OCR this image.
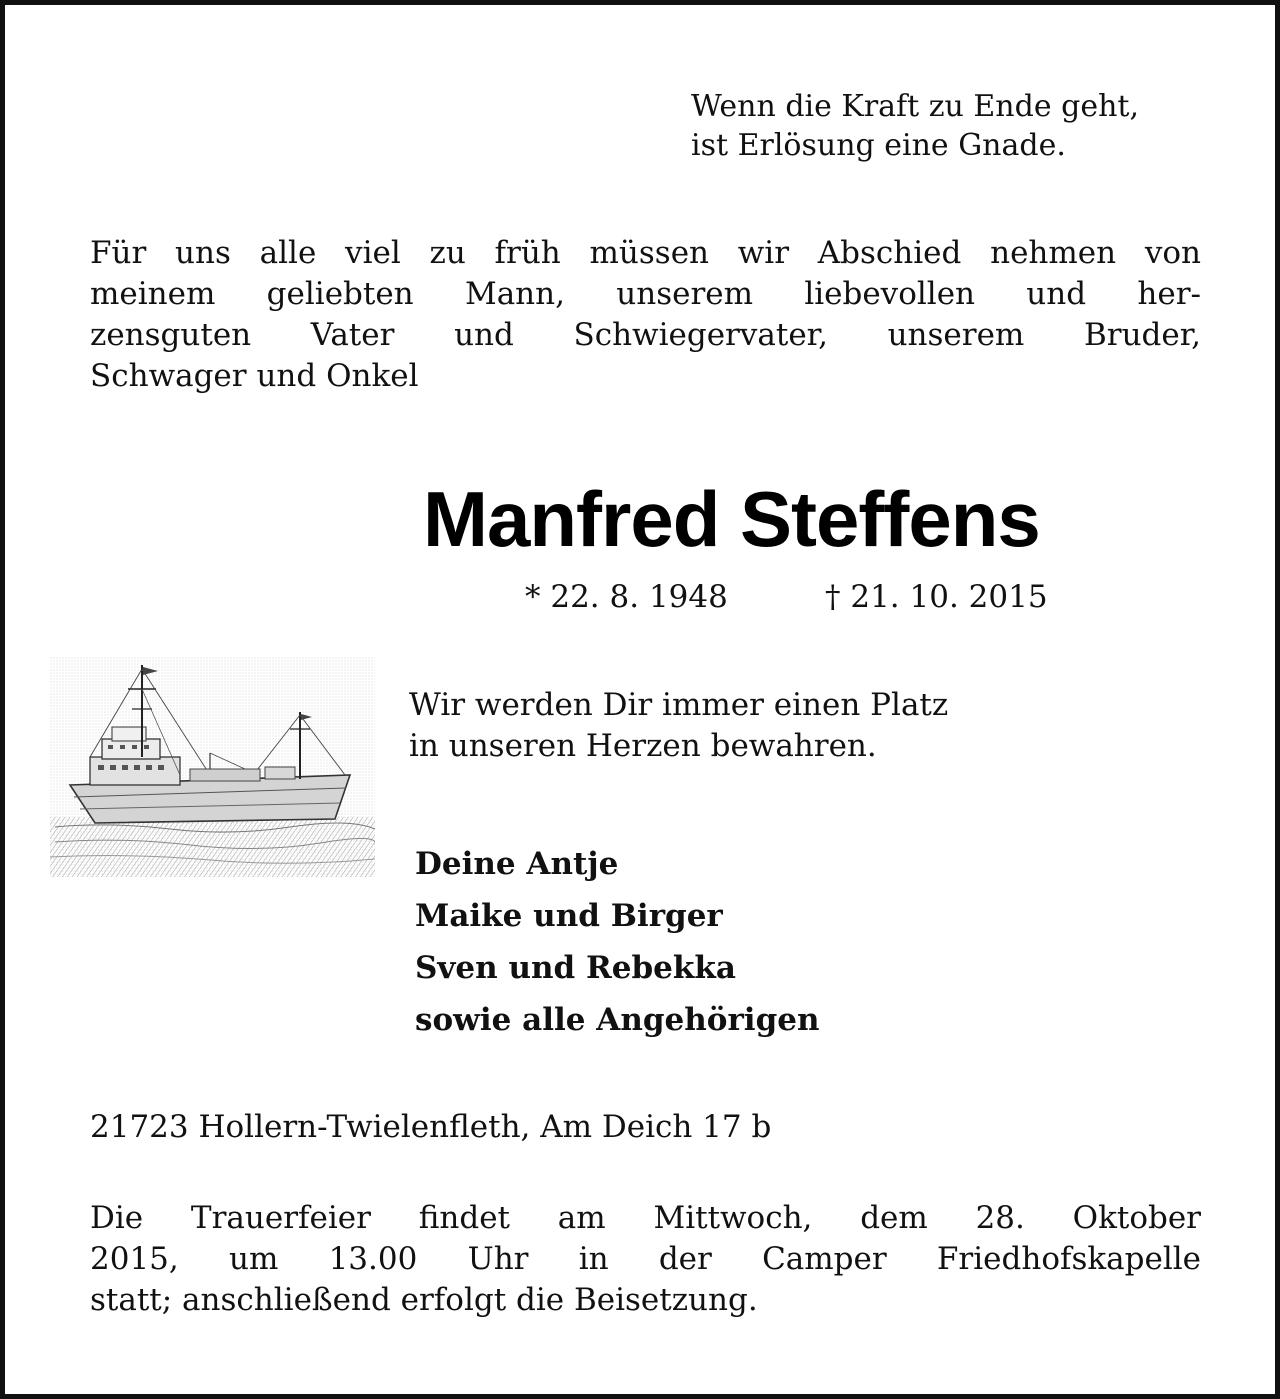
Wenn die Kraft zu Ende geht,
ist Erlösung eine Gnade.
Für uns alle viel zu früh müssen wir Abschied nehmen von
meinem geliebten Mann, unserem liebevollen und her-
zensguten Vater und Schwiegervater, unserem Bruder,
Schwager und Onkel
Manfred Steffens
* 22. 8. 1948	† 21. 10. 2015
Wir werden Dir immer einen Platz
in unseren Herzen bewahren.
Deine Antje
Maike und Birger
Sven und Rebekka
sowie alle Angehörigen
21723 Hollern-Twielenfleth, Am Deich 17 b
Die Trauerfeier findet am Mittwoch, dem 28. Oktober
2015, um 13.00 Uhr in der Camper Friedhofskapelle
statt; anschließend erfolgt die Beisetzung.
